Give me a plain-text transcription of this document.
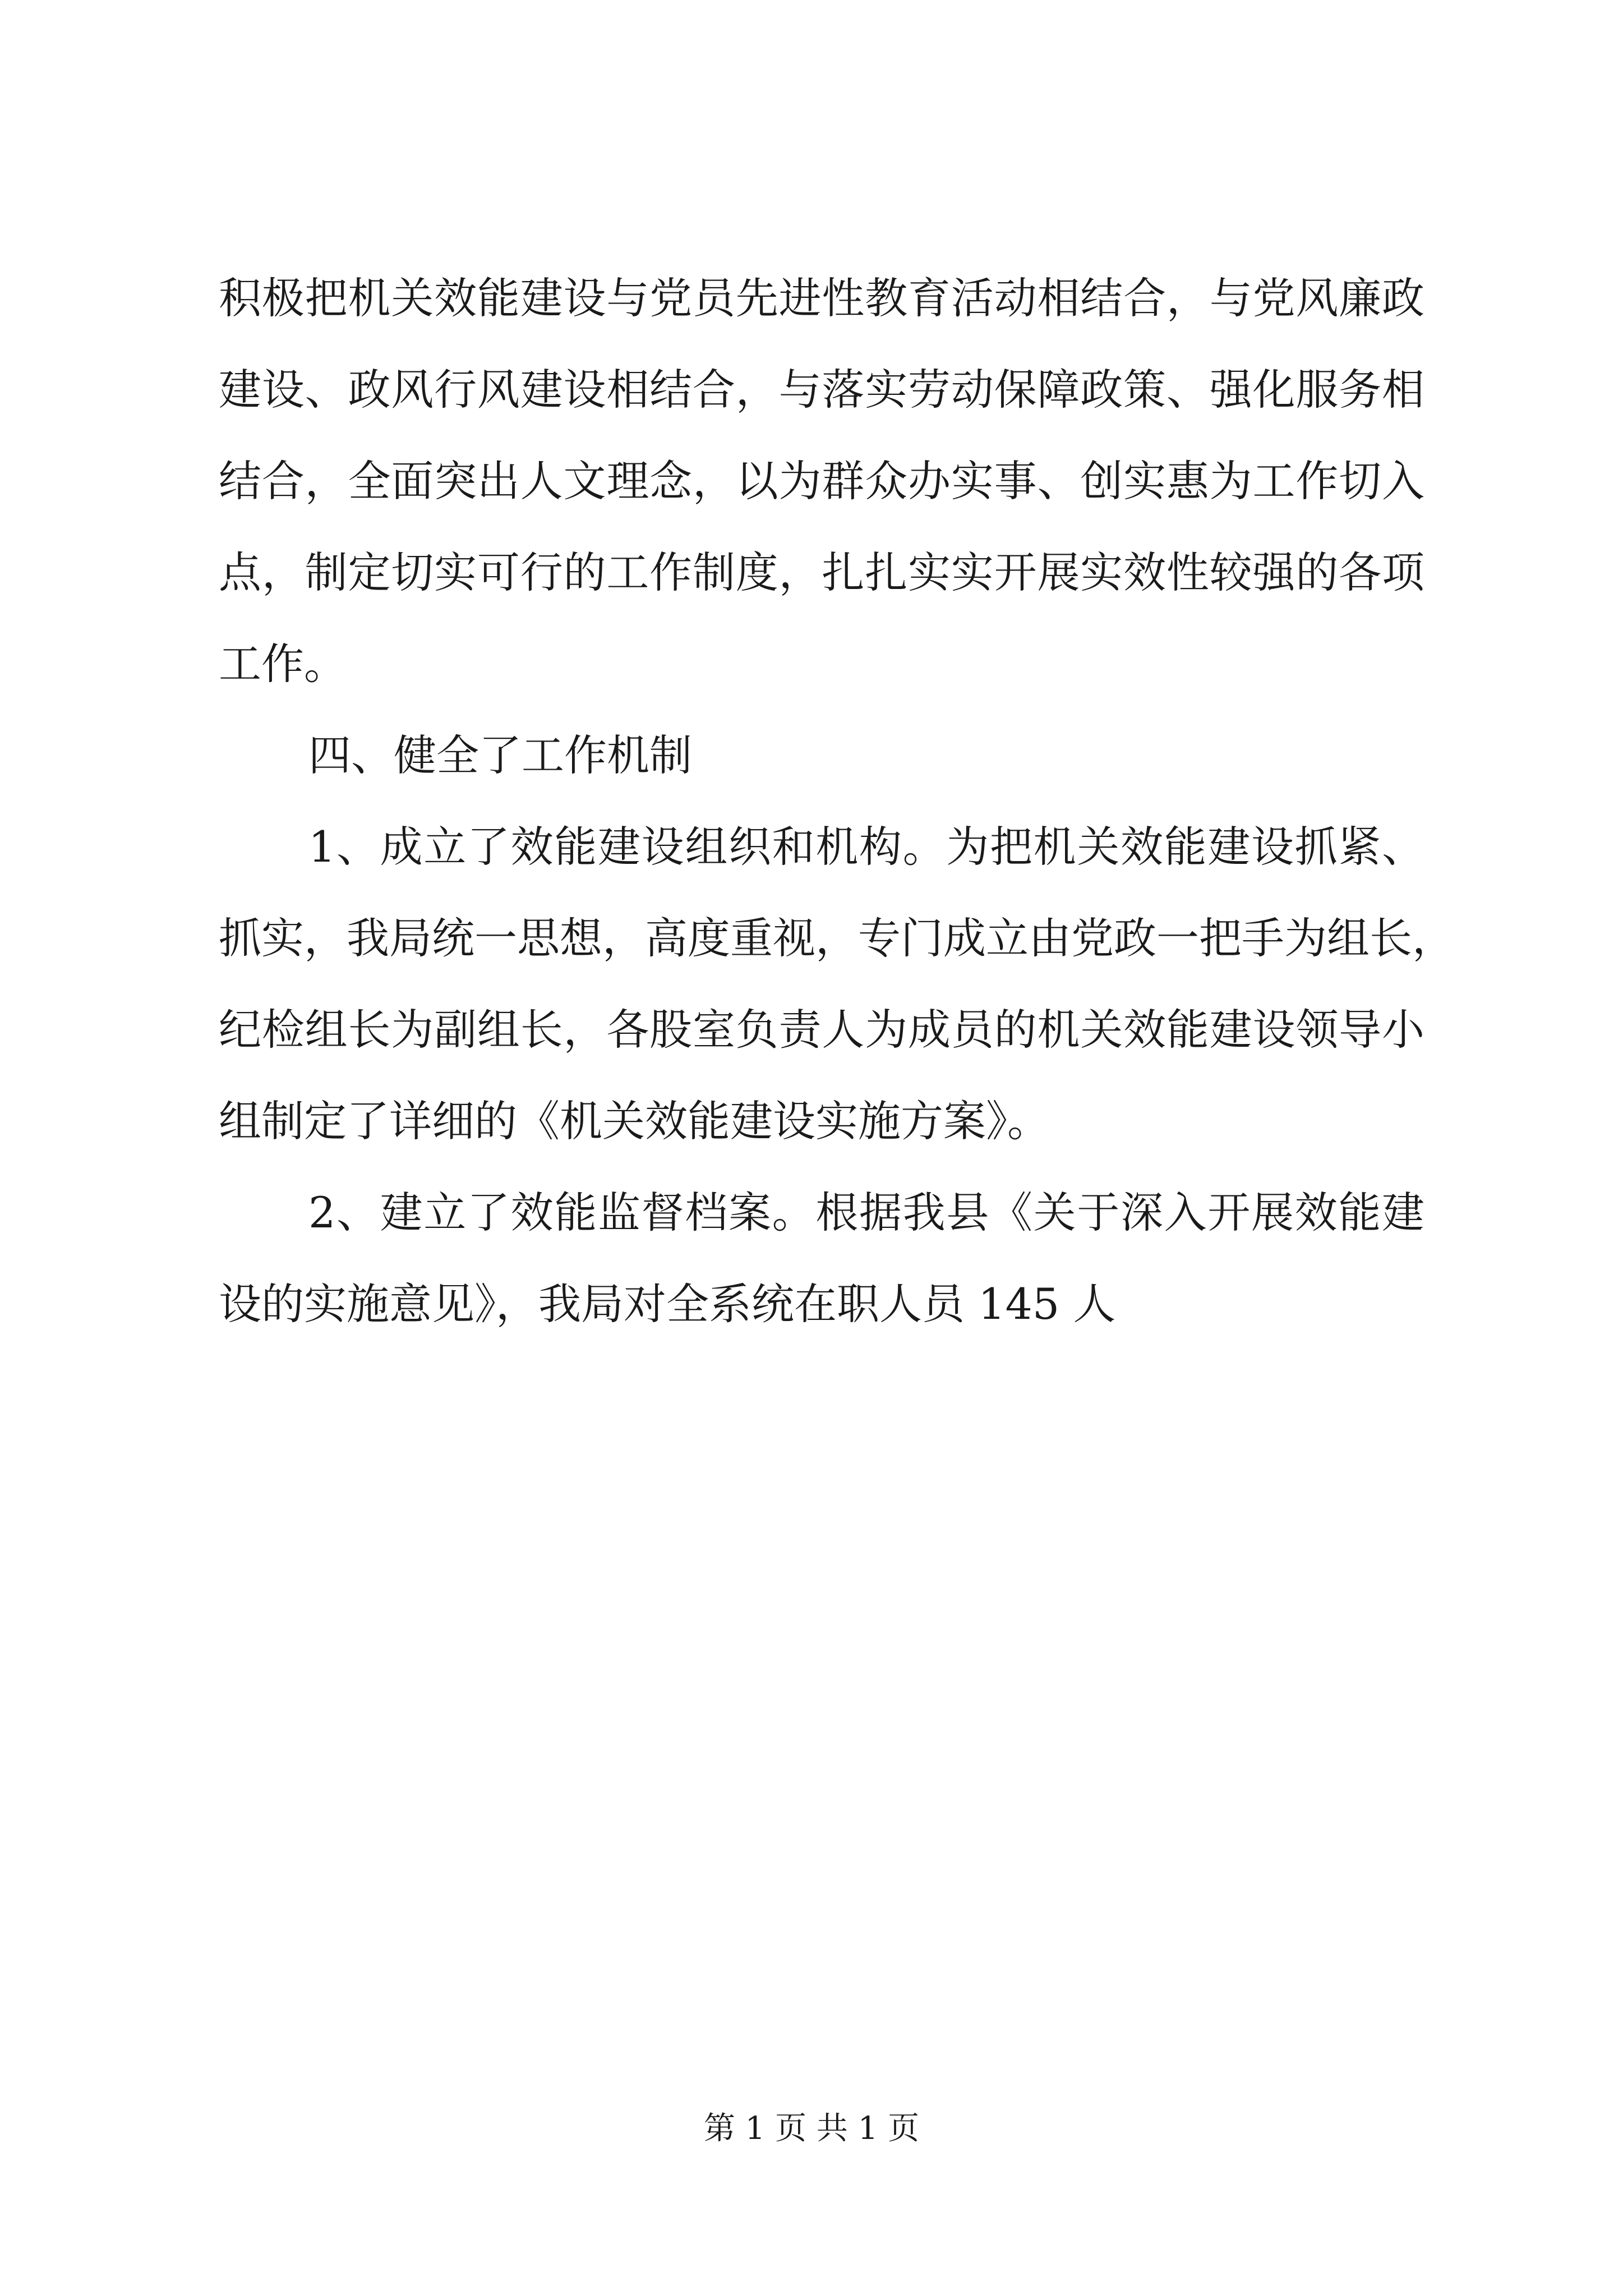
积极把机关效能建设与党员先进性教育活动相结合，与党风廉政
建设、政风行风建设相结合，与落实劳动保障政策、强化服务相
结合，全面突出人文理念，以为群众办实事、创实惠为工作切入
点，制定切实可行的工作制度，扎扎实实开展实效性较强的各项
工作。
四、健全了工作机制
1、成立了效能建设组织和机构。为把机关效能建设抓紧、
抓实，我局统一思想，高度重视，专门成立由党政一把手为组长，
纪检组长为副组长，各股室负责人为成员的机关效能建设领导小
组制定了详细的《机关效能建设实施方案》。
2、建立了效能监督档案。根据我县《关于深入开展效能建
设的实施意见》，我局对全系统在职人员 145 人
第 1 页 共 1 页
